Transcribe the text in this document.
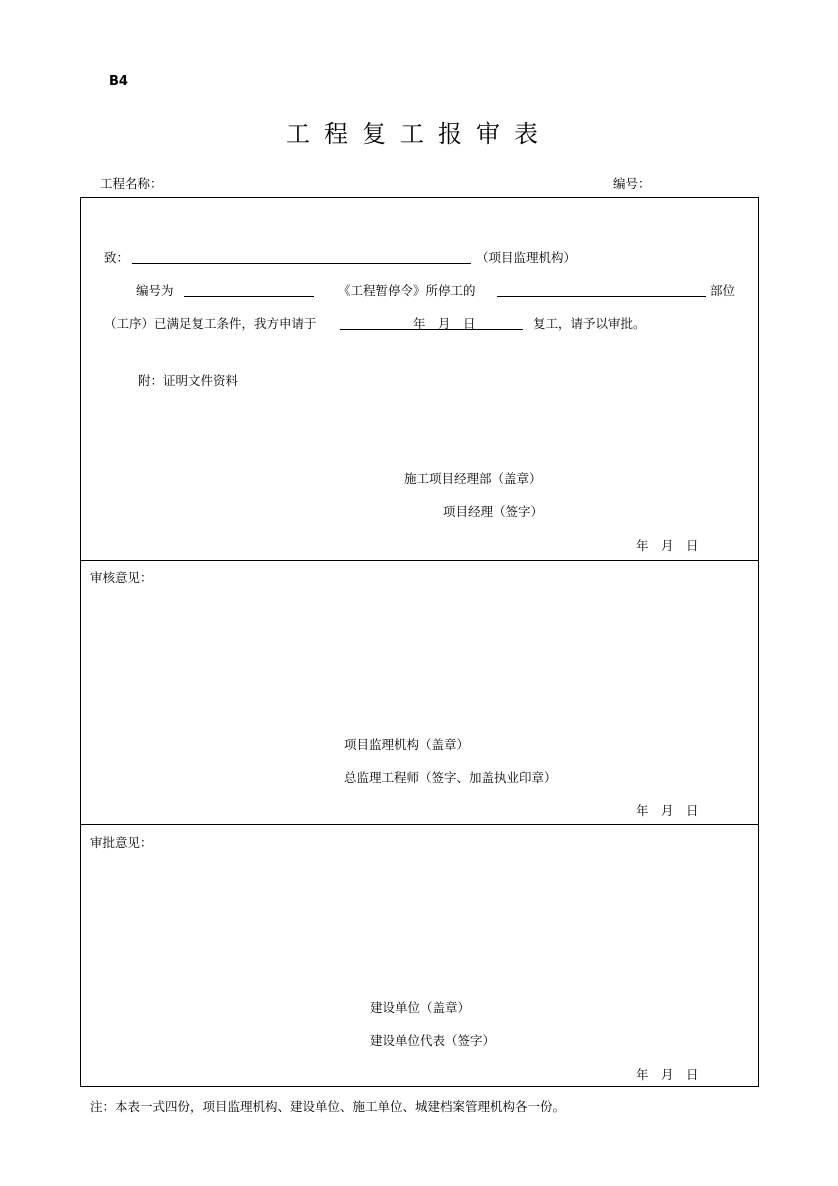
B4
工程复工报审表
工程名称：	编号：
致：	（项目监理机构）
编号为	《工程暂停令》所停工的	部位
（工序）已满足复工条件，我方申请于	年　月　日	复工，请予以审批。
附：证明文件资料
施工项目经理部（盖章）
项目经理（签字）
年　月　日
审核意见：
项目监理机构（盖章）
总监理工程师（签字、加盖执业印章）
年　月　日
审批意见：
建设单位（盖章）
建设单位代表（签字）
年　月　日
注：本表一式四份，项目监理机构、建设单位、施工单位、城建档案管理机构各一份。
